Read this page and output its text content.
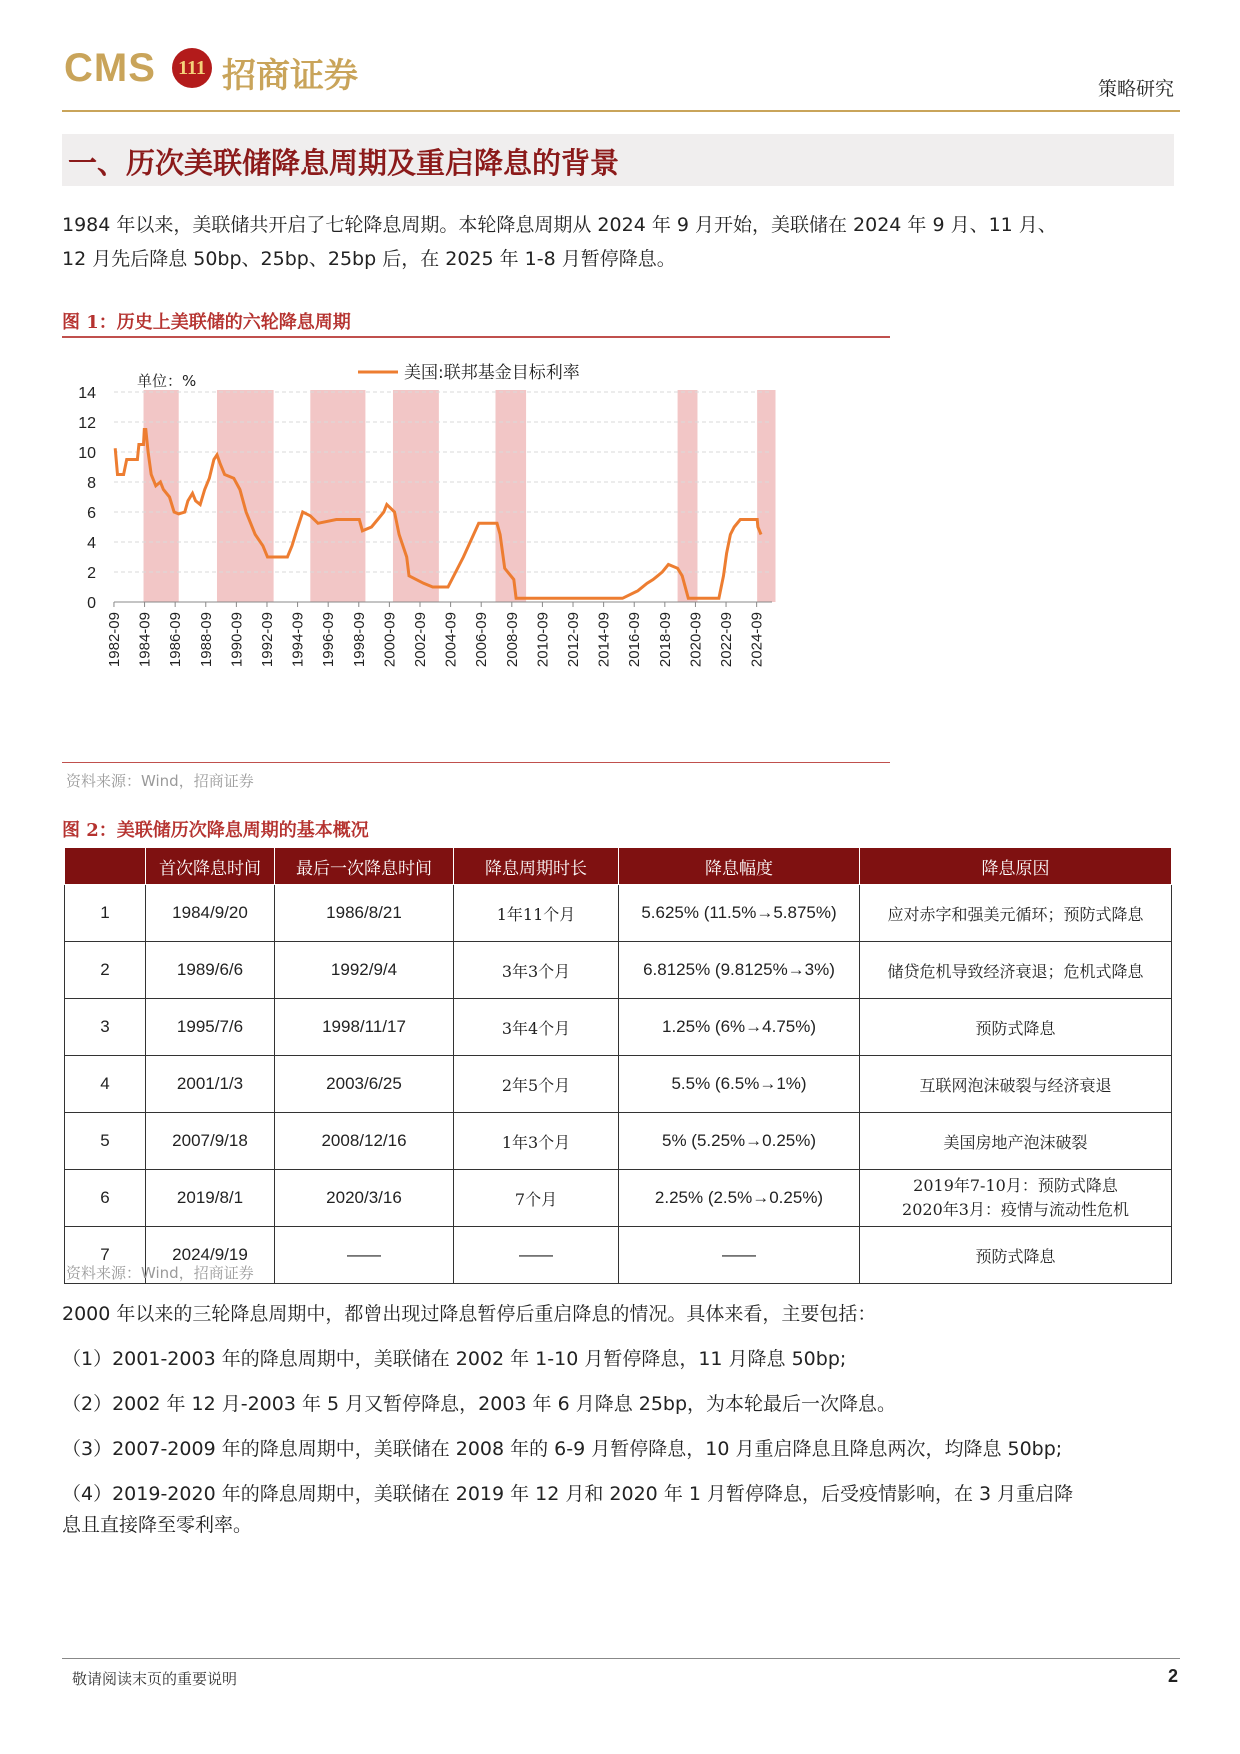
CMS	111 招商证券	策略研究
一、历次美联储降息周期及重启降息的背景
1984 年以来，美联储共开启了七轮降息周期。本轮降息周期从 2024 年 9 月开始，美联储在 2024 年 9 月、11 月、
12 月先后降息 50bp、25bp、25bp 后，在 2025 年 1-8 月暂停降息。
图 1：历史上美联储的六轮降息周期
0
2
4
6
8
10
12
14
1982-09 1984-09 1986-09 1988-09 1990-09 1992-09 1994-09 1996-09 1998-09 2000-09 2002-09 2004-09 2006-09 2008-09 2010-09 2012-09 2014-09 2016-09 2018-09 2020-09 2022-09 2024-09
美国:联邦基金目标利率
单位：%
资料来源：Wind，招商证券
图 2：美联储历次降息周期的基本概况
	首次降息时间	最后一次降息时间	降息周期时长	降息幅度	降息原因
1	1984/9/20	1986/8/21	1年11个月	5.625% (11.5%→5.875%)	应对赤字和强美元循环；预防式降息
2	1989/6/6	1992/9/4	3年3个月	6.8125% (9.8125%→3%)	储贷危机导致经济衰退；危机式降息
3	1995/7/6	1998/11/17	3年4个月	1.25% (6%→4.75%)	预防式降息
4	2001/1/3	2003/6/25	2年5个月	5.5% (6.5%→1%)	互联网泡沫破裂与经济衰退
5	2007/9/18	2008/12/16	1年3个月	5% (5.25%→0.25%)	美国房地产泡沫破裂
6	2019/8/1	2020/3/16	7个月	2.25% (2.5%→0.25%)	2019年7-10月：预防式降息
2020年3月：疫情与流动性危机

7	2024/9/19	——	——	——	预防式降息
资料来源：Wind，招商证券
2000 年以来的三轮降息周期中，都曾出现过降息暂停后重启降息的情况。具体来看，主要包括：
（1）2001-2003 年的降息周期中，美联储在 2002 年 1-10 月暂停降息，11 月降息 50bp;
（2）2002 年 12 月-2003 年 5 月又暂停降息，2003 年 6 月降息 25bp，为本轮最后一次降息。
（3）2007-2009 年的降息周期中，美联储在 2008 年的 6-9 月暂停降息，10 月重启降息且降息两次，均降息 50bp;
（4）2019-2020 年的降息周期中，美联储在 2019 年 12 月和 2020 年 1 月暂停降息，后受疫情影响，在 3 月重启降
息且直接降至零利率。
敬请阅读末页的重要说明	2
